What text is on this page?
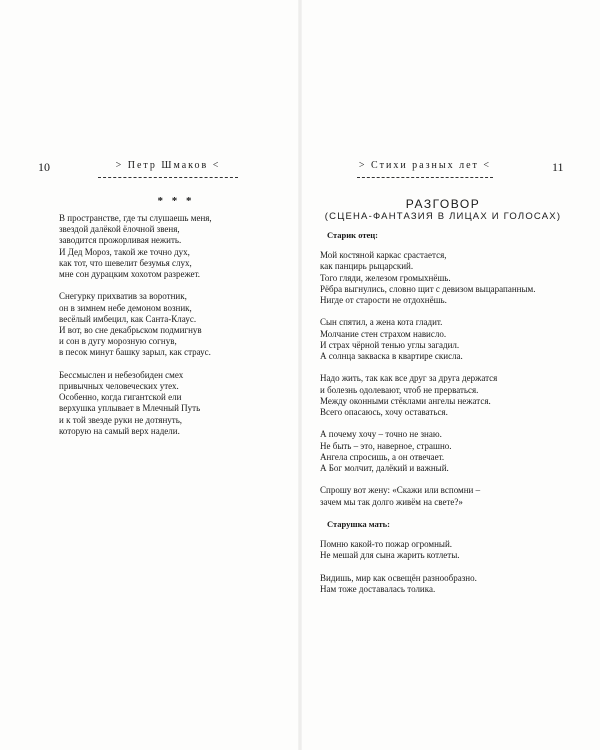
10	> Петр Шмаков <
* * *
В пространстве, где ты слушаешь меня,
звездой далёкой ёлочной звеня,
заводится прожорливая нежить.
И Дед Мороз, такой же точно дух,
как тот, что шевелит безумья слух,
мне сон дурацким хохотом разрежет.
Снегурку прихватив за воротник,
он в зимнем небе демоном возник,
весёлый имбецил, как Санта-Клаус.
И вот, во сне декабрьском подмигнув
и сон в дугу морозную согнув,
в песок минут башку зарыл, как страус.
Бессмыслен и небезобиден смех
привычных человеческих утех.
Особенно, когда гигантской ели
верхушка уплывает в Млечный Путь
и к той звезде руки не дотянуть,
которую на самый верх надели.
> Стихи разных лет <	11
РАЗГОВОР
(СЦЕНА-ФАНТАЗИЯ В ЛИЦАХ И ГОЛОСАХ)
Старик отец:
Мой костяной каркас срастается,
как панцирь рыцарский.
Того гляди, железом громыхнёшь.
Рёбра выгнулись, словно щит с девизом выцарапанным.
Нигде от старости не отдохнёшь.
Сын спятил, а жена кота гладит.
Молчание стен страхом нависло.
И страх чёрной тенью углы загадил.
А солнца закваска в квартире скисла.
Надо жить, так как все друг за друга держатся
и болезнь одолевают, чтоб не прерваться.
Между оконными стёклами ангелы нежатся.
Всего опасаюсь, хочу оставаться.
А почему хочу – точно не знаю.
Не быть – это, наверное, страшно.
Ангела спросишь, а он отвечает.
А Бог молчит, далёкий и важный.
Спрошу вот жену: «Скажи или вспомни –
зачем мы так долго живём на свете?»
Старушка мать:
Помню какой-то пожар огромный.
Не мешай для сына жарить котлеты.
Видишь, мир как освещён разнообразно.
Нам тоже доставалась толика.
